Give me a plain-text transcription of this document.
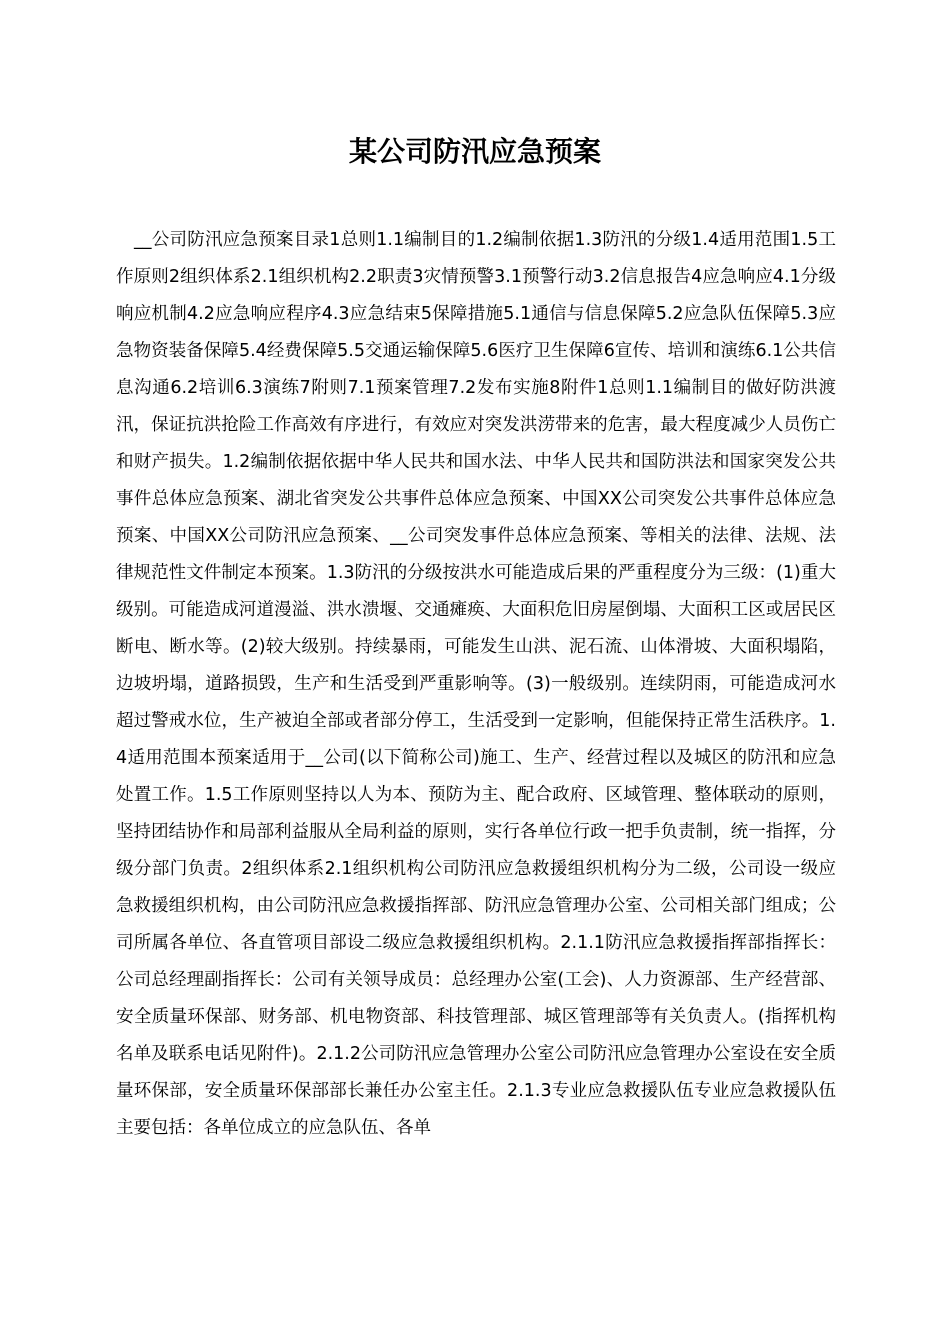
某公司防汛应急预案

__公司防汛应急预案目录1总则1.1编制目的1.2编制依据1.3防汛的分级1.4适用范围1.5工作原则2组织体系2.1组织机构2.2职责3灾情预警3.1预警行动3.2信息报告4应急响应4.1分级响应机制4.2应急响应程序4.3应急结束5保障措施5.1通信与信息保障5.2应急队伍保障5.3应急物资装备保障5.4经费保障5.5交通运输保障5.6医疗卫生保障6宣传、培训和演练6.1公共信息沟通6.2培训6.3演练7附则7.1预案管理7.2发布实施8附件1总则1.1编制目的做好防洪渡汛，保证抗洪抢险工作高效有序进行，有效应对突发洪涝带来的危害，最大程度减少人员伤亡和财产损失。1.2编制依据依据中华人民共和国水法、中华人民共和国防洪法和国家突发公共事件总体应急预案、湖北省突发公共事件总体应急预案、中国XX公司突发公共事件总体应急预案、中国XX公司防汛应急预案、__公司突发事件总体应急预案、等相关的法律、法规、法律规范性文件制定本预案。1.3防汛的分级按洪水可能造成后果的严重程度分为三级：(1)重大级别。可能造成河道漫溢、洪水溃堰、交通瘫痪、大面积危旧房屋倒塌、大面积工区或居民区断电、断水等。(2)较大级别。持续暴雨，可能发生山洪、泥石流、山体滑坡、大面积塌陷，边坡坍塌，道路损毁，生产和生活受到严重影响等。(3)一般级别。连续阴雨，可能造成河水超过警戒水位，生产被迫全部或者部分停工，生活受到一定影响，但能保持正常生活秩序。1.4适用范围本预案适用于__公司(以下简称公司)施工、生产、经营过程以及城区的防汛和应急处置工作。1.5工作原则坚持以人为本、预防为主、配合政府、区域管理、整体联动的原则，坚持团结协作和局部利益服从全局利益的原则，实行各单位行政一把手负责制，统一指挥，分级分部门负责。2组织体系2.1组织机构公司防汛应急救援组织机构分为二级，公司设一级应急救援组织机构，由公司防汛应急救援指挥部、防汛应急管理办公室、公司相关部门组成；公司所属各单位、各直管项目部设二级应急救援组织机构。2.1.1防汛应急救援指挥部指挥长：公司总经理副指挥长：公司有关领导成员：总经理办公室(工会)、人力资源部、生产经营部、安全质量环保部、财务部、机电物资部、科技管理部、城区管理部等有关负责人。(指挥机构名单及联系电话见附件)。2.1.2公司防汛应急管理办公室公司防汛应急管理办公室设在安全质量环保部，安全质量环保部部长兼任办公室主任。2.1.3专业应急救援队伍专业应急救援队伍主要包括：各单位成立的应急队伍、各单
